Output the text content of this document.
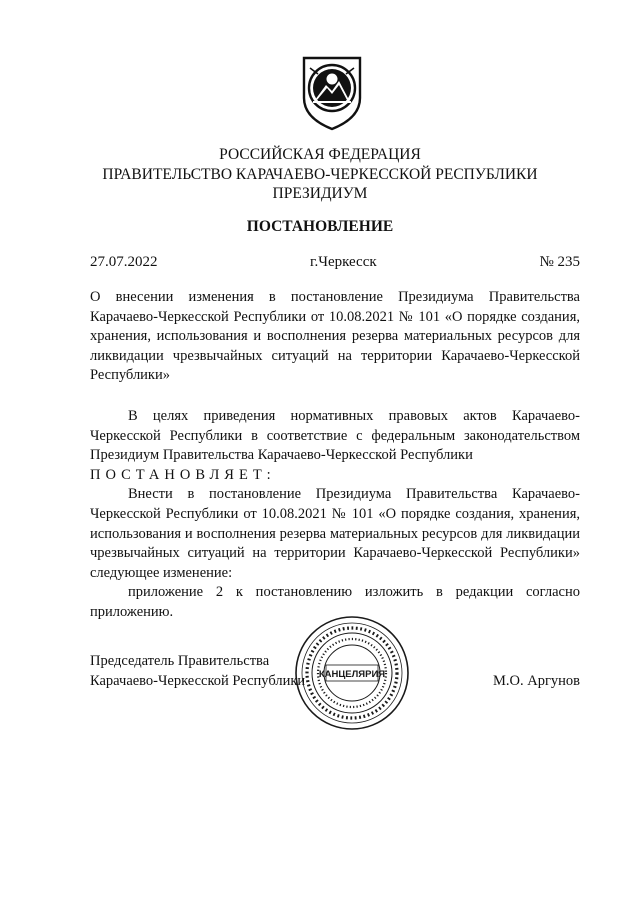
РОССИЙСКАЯ ФЕДЕРАЦИЯ
ПРАВИТЕЛЬСТВО КАРАЧАЕВО-ЧЕРКЕССКОЙ РЕСПУБЛИКИ
ПРЕЗИДИУМ
ПОСТАНОВЛЕНИЕ
27.07.2022	г.Черкесск	№ 235
О внесении изменения в постановление Президиума Правительства Карачаево-Черкесской Республики от 10.08.2021 № 101 «О порядке создания, хранения, использования и восполнения резерва материальных ресурсов для ликвидации чрезвычайных ситуаций на территории Карачаево-Черкесской Республики»

В целях приведения нормативных правовых актов Карачаево-Черкесской Республики в соответствие с федеральным законодательством Президиум Правительства Карачаево-Черкесской Республики

ПОСТАНОВЛЯЕТ:

Внести в постановление Президиума Правительства Карачаево-Черкесской Республики от 10.08.2021 № 101 «О порядке создания, хранения, использования и восполнения резерва материальных ресурсов для ликвидации чрезвычайных ситуаций на территории Карачаево-Черкесской Республики» следующее изменение:

приложение 2 к постановлению изложить в редакции согласно приложению.

Председатель Правительства
Карачаево-Черкесской Республики	М.О. Аргунов
КАНЦЕЛЯРИЯ
